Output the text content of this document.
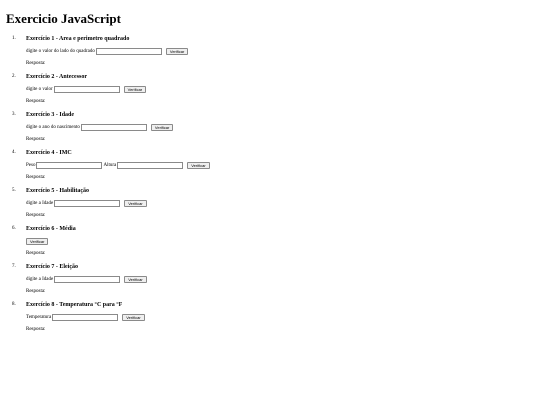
Exercicio JavaScript
1. Exercício 1 - Area e perimetro quadrado
digite o valor do lado do quadrado	Verificar
Resposta:
2. Exercício 2 - Antecessor
digite o valor	Verificar
Resposta:
3. Exercício 3 - Idade
digite o ano do nascimento	Verificar
Resposta:
4. Exercício 4 - IMC
Peso	Altura	Verificar
Resposta:
5. Exercício 5 - Habilitação
digite a Idade	Verificar
Resposta:
6. Exercício 6 - Média
Verificar
Resposta:
7. Exercício 7 - Eleição
digite a Idade	Verificar
Resposta:
8. Exercício 8 - Temperatura °C para °F
Temperatura	Verificar
Resposta:
